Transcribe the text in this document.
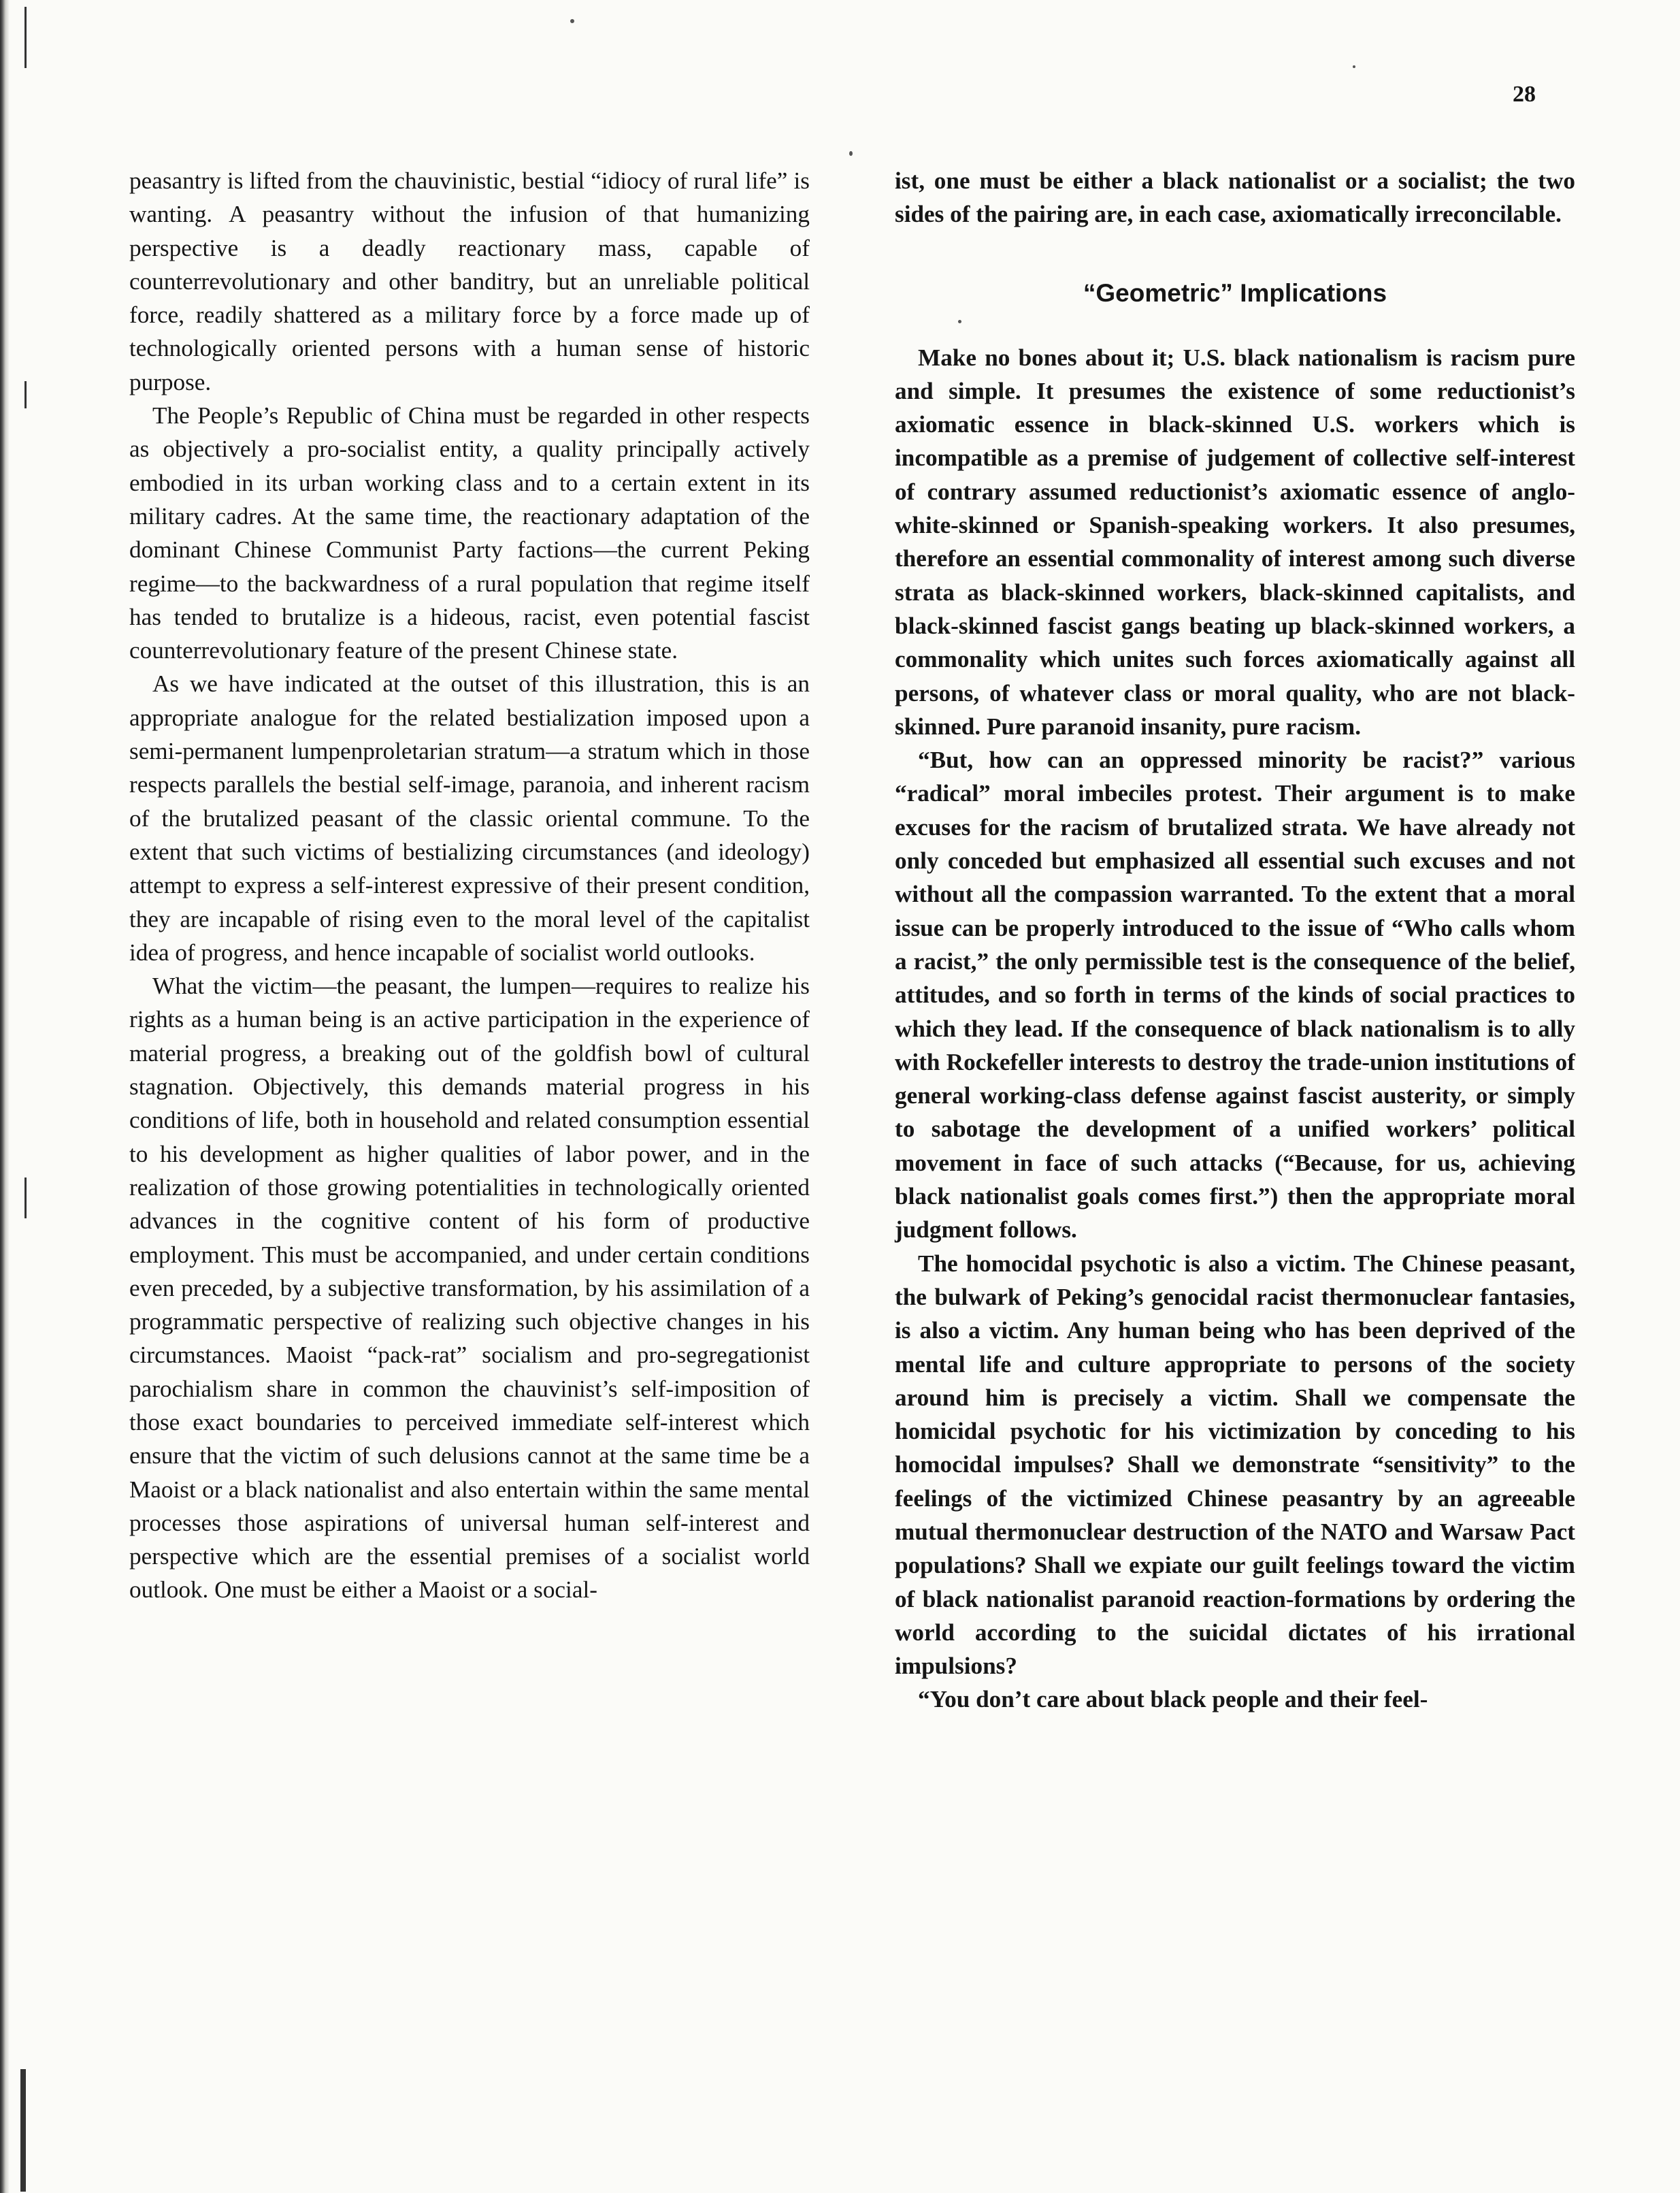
28

peasantry is lifted from the chauvinistic, bestial “idiocy of rural life” is wanting. A peasantry without the infusion of that humanizing perspective is a deadly reactionary mass, capable of counterrevolutionary and other banditry, but an unreliable political force, readily shattered as a military force by a force made up of technologically oriented persons with a human sense of historic purpose.

The People’s Republic of China must be regarded in other respects as objectively a pro-socialist entity, a quality principally actively embodied in its urban working class and to a certain extent in its military cadres. At the same time, the reactionary adaptation of the dominant Chinese Communist Party factions—the current Peking regime—to the backwardness of a rural population that regime itself has tended to brutalize is a hideous, racist, even potential fascist counterrevolutionary feature of the present Chinese state.

As we have indicated at the outset of this illustration, this is an appropriate analogue for the related bestialization imposed upon a semi-permanent lumpenproletarian stratum—a stratum which in those respects parallels the bestial self-image, paranoia, and inherent racism of the brutalized peasant of the classic oriental commune. To the extent that such victims of bestializing circumstances (and ideology) attempt to express a self-interest expressive of their present condition, they are incapable of rising even to the moral level of the capitalist idea of progress, and hence incapable of socialist world outlooks.

What the victim—the peasant, the lumpen—requires to realize his rights as a human being is an active participation in the experience of material progress, a breaking out of the goldfish bowl of cultural stagnation. Objectively, this demands material progress in his conditions of life, both in household and related consumption essential to his development as higher qualities of labor power, and in the realization of those growing potentialities in technologically oriented advances in the cognitive content of his form of productive employment. This must be accompanied, and under certain conditions even preceded, by a subjective transformation, by his assimilation of a programmatic perspective of realizing such objective changes in his circumstances. Maoist “pack-rat” socialism and pro-segregationist parochialism share in common the chauvinist’s self-imposition of those exact boundaries to perceived immediate self-interest which ensure that the victim of such delusions cannot at the same time be a Maoist or a black nationalist and also entertain within the same mental processes those aspirations of universal human self-interest and perspective which are the essential premises of a socialist world outlook. One must be either a Maoist or a social-

ist, one must be either a black nationalist or a socialist; the two sides of the pairing are, in each case, axiomatically irreconcilable.

“Geometric” Implications

Make no bones about it; U.S. black nationalism is racism pure and simple. It presumes the existence of some reductionist’s axiomatic essence in black-skinned U.S. workers which is incompatible as a premise of judgement of collective self-interest of contrary assumed reductionist’s axiomatic essence of anglo-white-skinned or Spanish-speaking workers. It also presumes, therefore an essential commonality of interest among such diverse strata as black-skinned workers, black-skinned capitalists, and black-skinned fascist gangs beating up black-skinned workers, a commonality which unites such forces axiomatically against all persons, of whatever class or moral quality, who are not black-skinned. Pure paranoid insanity, pure racism.

“But, how can an oppressed minority be racist?” various “radical” moral imbeciles protest. Their argument is to make excuses for the racism of brutalized strata. We have already not only conceded but emphasized all essential such excuses and not without all the compassion warranted. To the extent that a moral issue can be properly introduced to the issue of “Who calls whom a racist,” the only permissible test is the consequence of the belief, attitudes, and so forth in terms of the kinds of social practices to which they lead. If the consequence of black nationalism is to ally with Rockefeller interests to destroy the trade-union institutions of general working-class defense against fascist austerity, or simply to sabotage the development of a unified workers’ political movement in face of such attacks (“Because, for us, achieving black nationalist goals comes first.”) then the appropriate moral judgment follows.

The homocidal psychotic is also a victim. The Chinese peasant, the bulwark of Peking’s genocidal racist thermonuclear fantasies, is also a victim. Any human being who has been deprived of the mental life and culture appropriate to persons of the society around him is precisely a victim. Shall we compensate the homicidal psychotic for his victimization by conceding to his homocidal impulses? Shall we demonstrate “sensitivity” to the feelings of the victimized Chinese peasantry by an agreeable mutual thermonuclear destruction of the NATO and Warsaw Pact populations? Shall we expiate our guilt feelings toward the victim of black nationalist paranoid reaction-formations by ordering the world according to the suicidal dictates of his irrational impulsions?

“You don’t care about black people and their feel-
